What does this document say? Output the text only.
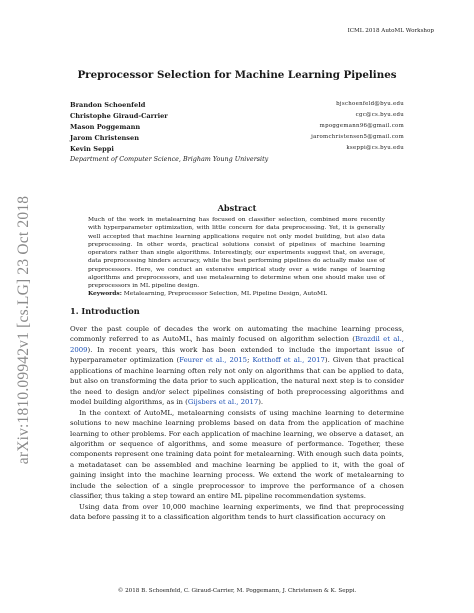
ICML 2018 AutoML Workshop
Preprocessor Selection for Machine Learning Pipelines
Brandon Schoenfeld	bjschoenfeld@byu.edu
Christophe Giraud-Carrier	cgc@cs.byu.edu
Mason Poggemann	mpoggemann96@gmail.com
Jarom Christensen	jaromchristensen5@gmail.com
Kevin Seppi	kseppi@cs.byu.edu
Department of Computer Science, Brigham Young University
Abstract
Much of the work in metalearning has focused on classifier selection, combined more recently with hyperparameter optimization, with little concern for data preprocessing. Yet, it is generally well accepted that machine learning applications require not only model building, but also data preprocessing. In other words, practical solutions consist of pipelines of machine learning operators rather than single algorithms. Interestingly, our experiments suggest that, on average, data preprocessing hinders accuracy, while the best performing pipelines do actually make use of preprocessors. Here, we conduct an extensive empirical study over a wide range of learning algorithms and preprocessors, and use metalearning to determine when one should make use of preprocessors in ML pipeline design.
Keywords: Metalearning, Preprocessor Selection, ML Pipeline Design, AutoML
1. Introduction

Over the past couple of decades the work on automating the machine learning process, commonly referred to as AutoML, has mainly focused on algorithm selection (Brazdil et al., 2009). In recent years, this work has been extended to include the important issue of hyperparameter optimization (Feurer et al., 2015; Kotthoff et al., 2017). Given that practical applications of machine learning often rely not only on algorithms that can be applied to data, but also on transforming the data prior to such application, the natural next step is to consider the need to design and/or select pipelines consisting of both preprocessing algorithms and model building algorithms, as in (Gijsbers et al., 2017).

In the context of AutoML, metalearning consists of using machine learning to determine solutions to new machine learning problems based on data from the application of machine learning to other problems. For each application of machine learning, we observe a dataset, an algorithm or sequence of algorithms, and some measure of performance. Together, these components represent one training data point for metalearning. With enough such data points, a metadataset can be assembled and machine learning be applied to it, with the goal of gaining insight into the machine learning process. We extend the work of metalearning to include the selection of a single preprocessor to improve the performance of a chosen classifier, thus taking a step toward an entire ML pipeline recommendation systems.

Using data from over 10,000 machine learning experiments, we find that preprocessing data before passing it to a classification algorithm tends to hurt classification accuracy on

© 2018 B. Schoenfeld, C. Giraud-Carrier, M. Poggemann, J. Christensen & K. Seppi.
arXiv:1810.09942v1 [cs.LG] 23 Oct 2018
